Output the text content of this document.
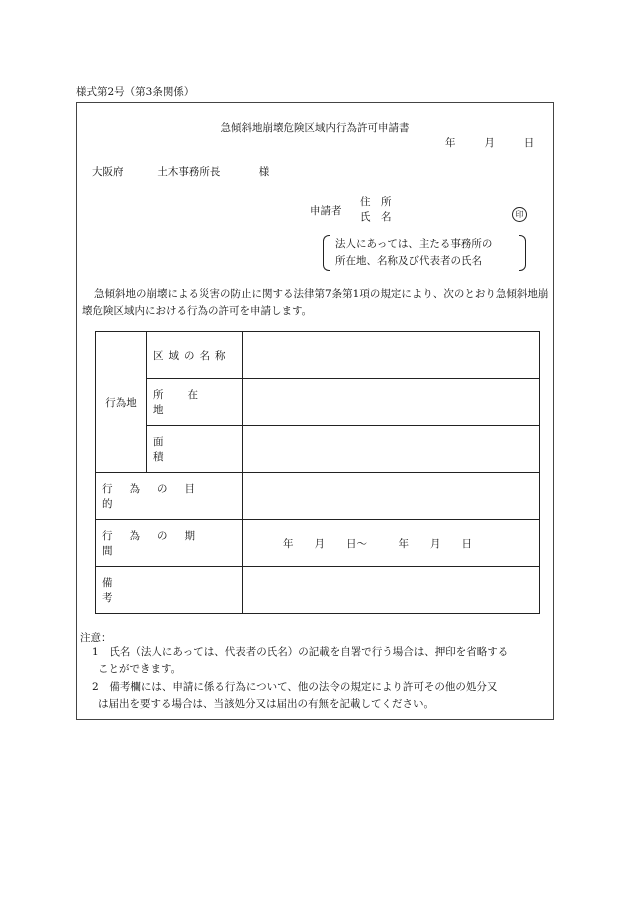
様式第2号（第3条関係）
急傾斜地崩壊危険区域内行為許可申請書
年	月	日
大阪府	土木事務所長	様
申請者
住　所
氏　名	印
法人にあっては、主たる事務所の
所在地、名称及び代表者の氏名
急傾斜地の崩壊による災害の防止に関する法律第7条第1項の規定により、次のとおり急傾斜地崩壊危険区域内における行為の許可を申請します。
行為地	区域の名称	

	所在地	

	面積	

行為の目的		

行為の期間		年　　月　　日～　　　年　　月　　日

備考		

注意：
1 氏名（法人にあっては、代表者の氏名）の記載を自署で行う場合は、押印を省略する
ことができます。
2 備考欄には、申請に係る行為について、他の法令の規定により許可その他の処分又
は届出を要する場合は、当該処分又は届出の有無を記載してください。
